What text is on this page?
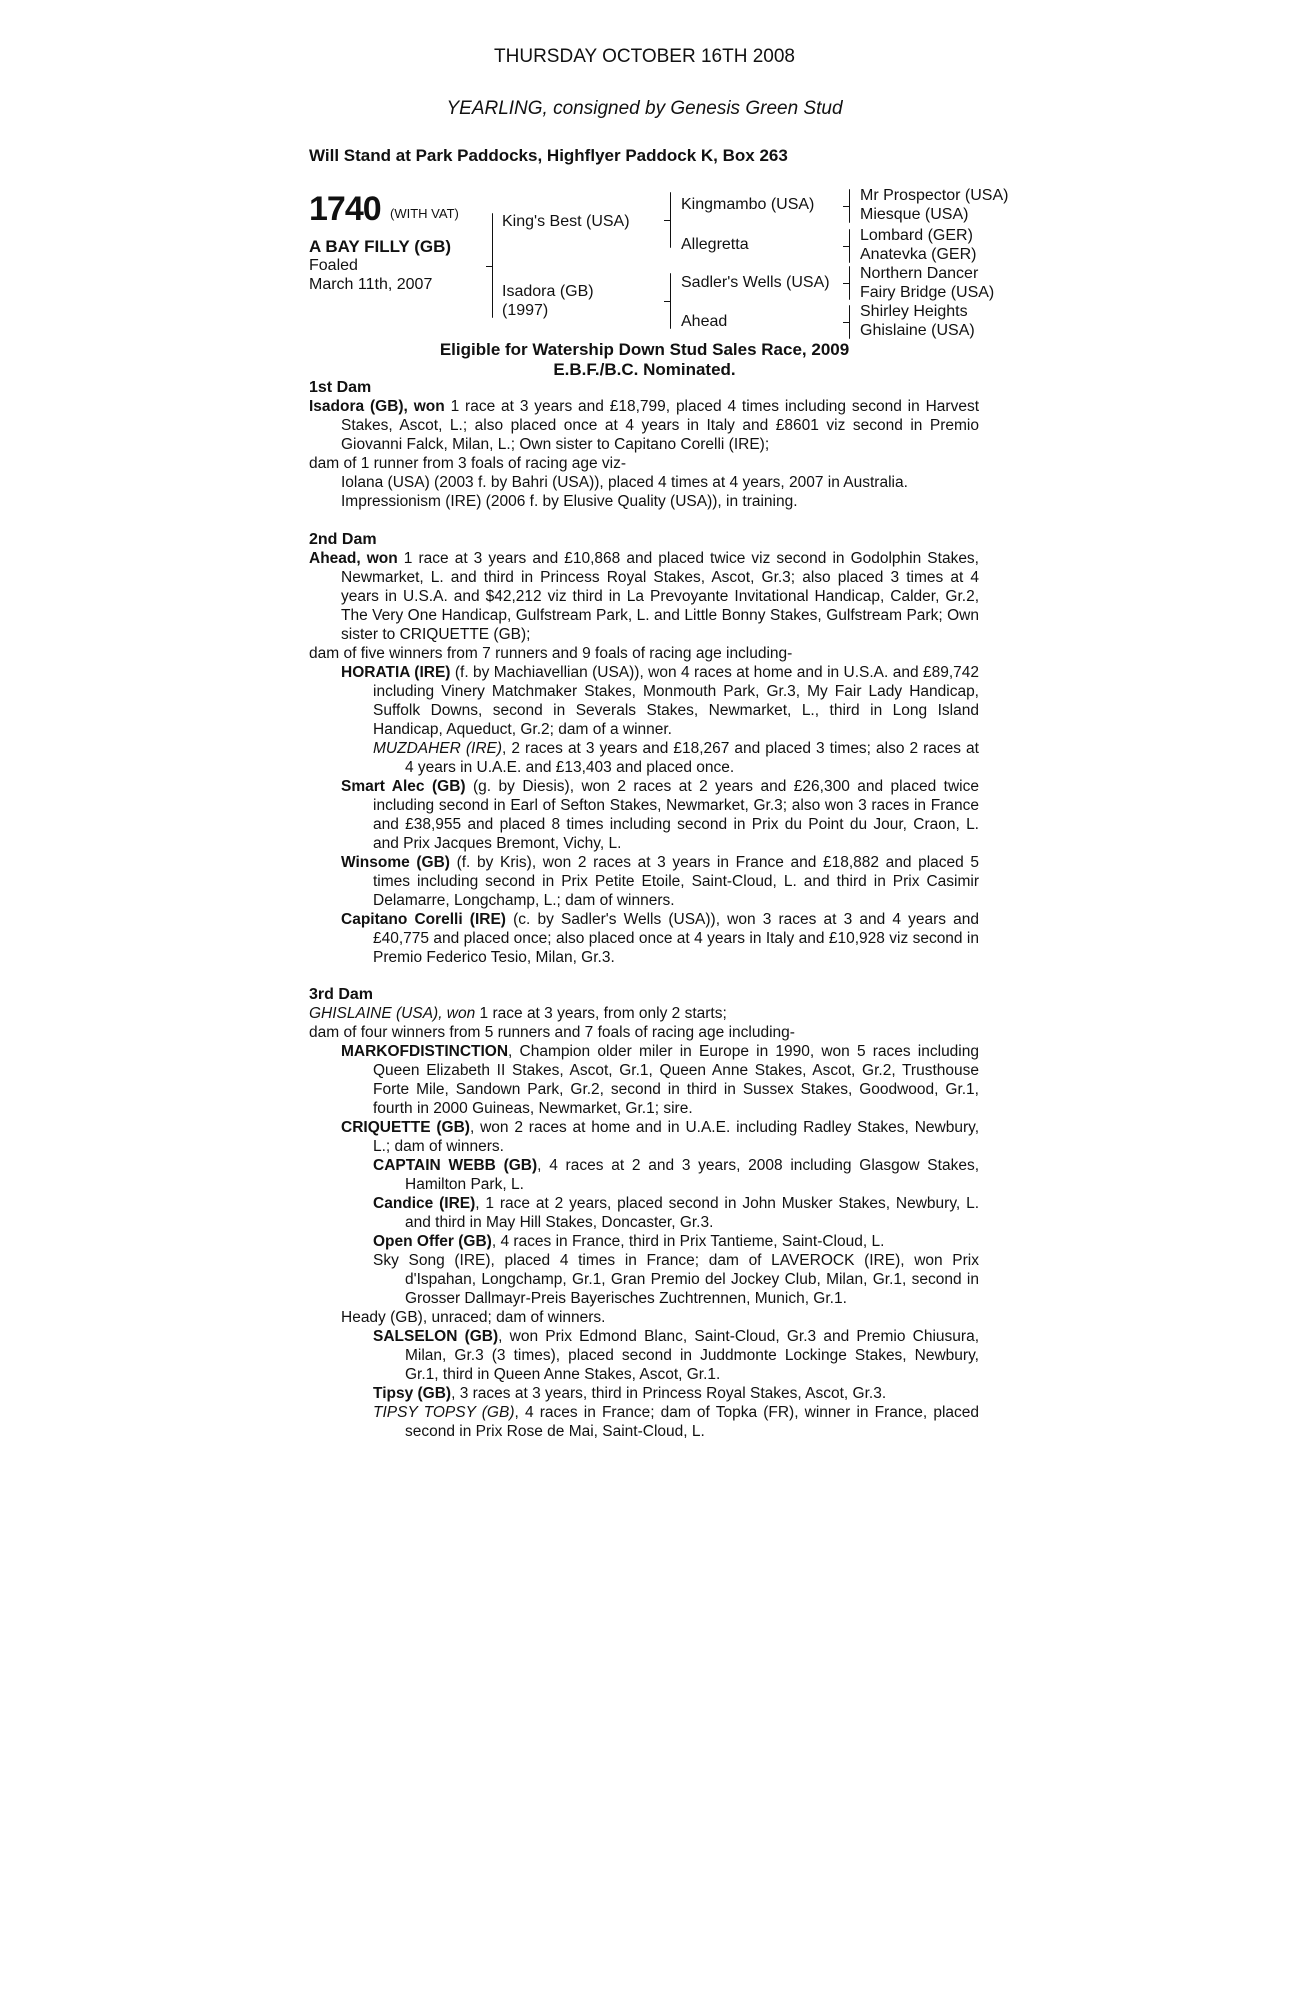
THURSDAY OCTOBER 16TH 2008
YEARLING, consigned by Genesis Green Stud
Will Stand at Park Paddocks, Highflyer Paddock K, Box 263
1740 (WITH VAT)
A BAY FILLY (GB)
Foaled
March 11th, 2007
King's Best (USA)
Isadora (GB)
(1997)
Kingmambo (USA)
Allegretta
Sadler's Wells (USA)
Ahead
Mr Prospector (USA)
Miesque (USA)
Lombard (GER)
Anatevka (GER)
Northern Dancer
Fairy Bridge (USA)
Shirley Heights
Ghislaine (USA)
Eligible for Watership Down Stud Sales Race, 2009
E.B.F./B.C. Nominated.

1st Dam

Isadora (GB), won 1 race at 3 years and £18,799, placed 4 times including second in Harvest Stakes, Ascot, L.; also placed once at 4 years in Italy and £8601 viz second in Premio Giovanni Falck, Milan, L.; Own sister to Capitano Corelli (IRE);

dam of 1 runner from 3 foals of racing age viz-

Iolana (USA) (2003 f. by Bahri (USA)), placed 4 times at 4 years, 2007 in Australia.

Impressionism (IRE) (2006 f. by Elusive Quality (USA)), in training.

2nd Dam

Ahead, won 1 race at 3 years and £10,868 and placed twice viz second in Godolphin Stakes, Newmarket, L. and third in Princess Royal Stakes, Ascot, Gr.3; also placed 3 times at 4 years in U.S.A. and $42,212 viz third in La Prevoyante Invitational Handicap, Calder, Gr.2, The Very One Handicap, Gulfstream Park, L. and Little Bonny Stakes, Gulfstream Park; Own sister to CRIQUETTE (GB);

dam of five winners from 7 runners and 9 foals of racing age including-

HORATIA (IRE) (f. by Machiavellian (USA)), won 4 races at home and in U.S.A. and £89,742 including Vinery Matchmaker Stakes, Monmouth Park, Gr.3, My Fair Lady Handicap, Suffolk Downs, second in Severals Stakes, Newmarket, L., third in Long Island Handicap, Aqueduct, Gr.2; dam of a winner.

MUZDAHER (IRE), 2 races at 3 years and £18,267 and placed 3 times; also 2 races at 4 years in U.A.E. and £13,403 and placed once.

Smart Alec (GB) (g. by Diesis), won 2 races at 2 years and £26,300 and placed twice including second in Earl of Sefton Stakes, Newmarket, Gr.3; also won 3 races in France and £38,955 and placed 8 times including second in Prix du Point du Jour, Craon, L. and Prix Jacques Bremont, Vichy, L.

Winsome (GB) (f. by Kris), won 2 races at 3 years in France and £18,882 and placed 5 times including second in Prix Petite Etoile, Saint-Cloud, L. and third in Prix Casimir Delamarre, Longchamp, L.; dam of winners.

Capitano Corelli (IRE) (c. by Sadler's Wells (USA)), won 3 races at 3 and 4 years and £40,775 and placed once; also placed once at 4 years in Italy and £10,928 viz second in Premio Federico Tesio, Milan, Gr.3.

3rd Dam

GHISLAINE (USA), won 1 race at 3 years, from only 2 starts;

dam of four winners from 5 runners and 7 foals of racing age including-

MARKOFDISTINCTION, Champion older miler in Europe in 1990, won 5 races including Queen Elizabeth II Stakes, Ascot, Gr.1, Queen Anne Stakes, Ascot, Gr.2, Trusthouse Forte Mile, Sandown Park, Gr.2, second in third in Sussex Stakes, Goodwood, Gr.1, fourth in 2000 Guineas, Newmarket, Gr.1; sire.

CRIQUETTE (GB), won 2 races at home and in U.A.E. including Radley Stakes, Newbury, L.; dam of winners.

CAPTAIN WEBB (GB), 4 races at 2 and 3 years, 2008 including Glasgow Stakes, Hamilton Park, L.

Candice (IRE), 1 race at 2 years, placed second in John Musker Stakes, Newbury, L. and third in May Hill Stakes, Doncaster, Gr.3.

Open Offer (GB), 4 races in France, third in Prix Tantieme, Saint-Cloud, L.

Sky Song (IRE), placed 4 times in France; dam of LAVEROCK (IRE), won Prix d'Ispahan, Longchamp, Gr.1, Gran Premio del Jockey Club, Milan, Gr.1, second in Grosser Dallmayr-Preis Bayerisches Zuchtrennen, Munich, Gr.1.

Heady (GB), unraced; dam of winners.

SALSELON (GB), won Prix Edmond Blanc, Saint-Cloud, Gr.3 and Premio Chiusura, Milan, Gr.3 (3 times), placed second in Juddmonte Lockinge Stakes, Newbury, Gr.1, third in Queen Anne Stakes, Ascot, Gr.1.

Tipsy (GB), 3 races at 3 years, third in Princess Royal Stakes, Ascot, Gr.3.

TIPSY TOPSY (GB), 4 races in France; dam of Topka (FR), winner in France, placed second in Prix Rose de Mai, Saint-Cloud, L.
